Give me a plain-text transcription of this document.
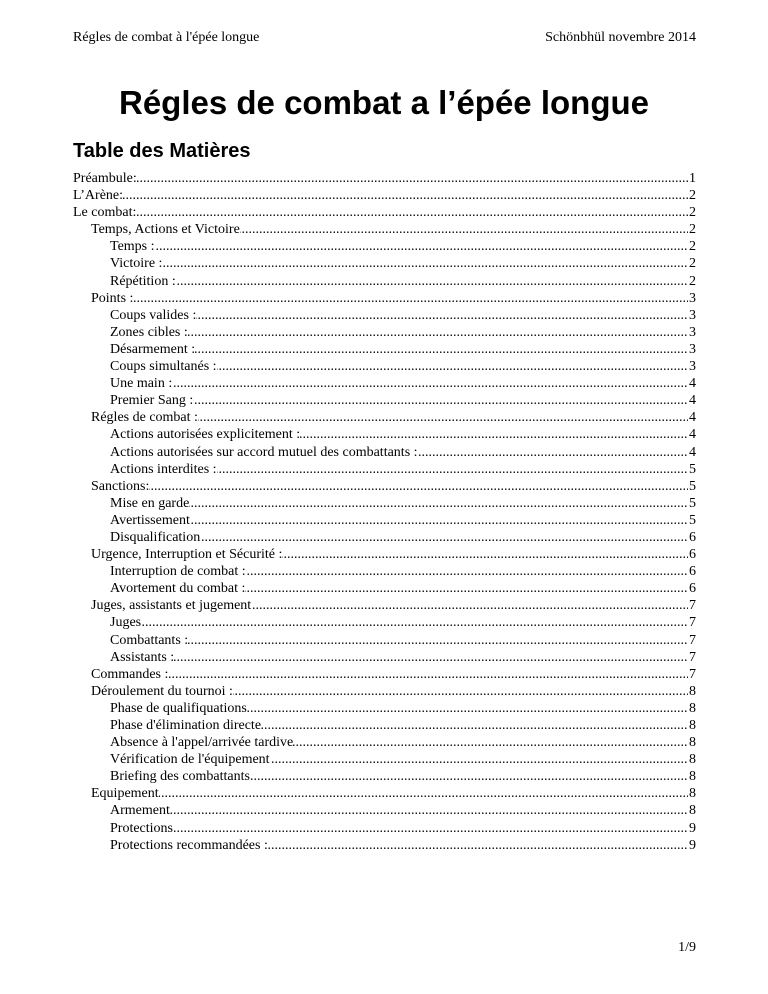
Régles de combat à l'épée longue	Schönbhül novembre 2014
Régles de combat a l’épée longue
Table des Matières
.....
Préambule:	1
.....
L’Arène:	2
.....
Le combat:	2
.....
Temps, Actions et Victoire	2
.....
Temps :	2
.....
Victoire :	2
.....
Répétition :	2
.....
Points :	3
.....
Coups valides :	3
.....
Zones cibles :	3
.....
Désarmement :	3
.....
Coups simultanés :	3
.....
Une main :	4
.....
Premier Sang :	4
.....
Régles de combat :	4
.....
Actions autorisées explicitement :	4
.....
Actions autorisées sur accord mutuel des combattants :	4
.....
Actions interdites :	5
.....
Sanctions:	5
.....
Mise en garde	5
.....
Avertissement	5
.....
Disqualification	6
.....
Urgence, Interruption et Sécurité :	6
.....
Interruption de combat :	6
.....
Avortement du combat :	6
.....
Juges, assistants et jugement	7
.....
Juges	7
.....
Combattants :	7
.....
Assistants :	7
.....
Commandes :	7
.....
Déroulement du tournoi :	8
.....
Phase de qualifiquations	8
.....
Phase d'élimination directe	8
.....
Absence à l'appel/arrivée tardive	8
.....
Vérification de l'équipement	8
.....
Briefing des combattants	8
.....
Equipement	8
.....
Armement	8
.....
Protections	9
.....
Protections recommandées :	9
1/9
